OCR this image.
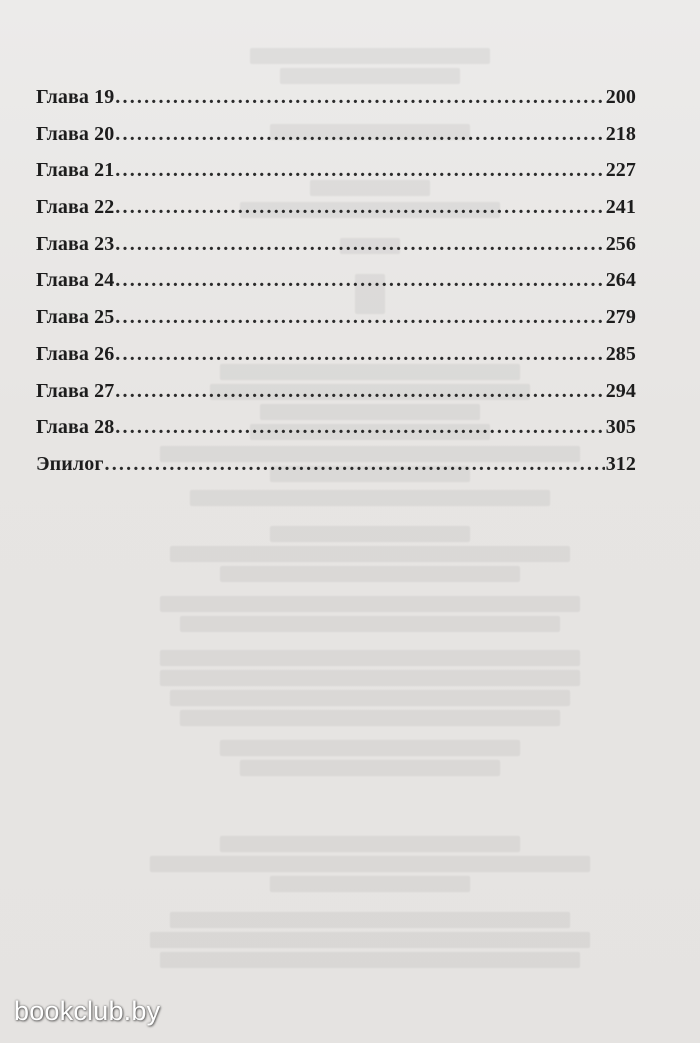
Глава 19 .....	200
Глава 20 .....	218
Глава 21 .....	227
Глава 22 .....	241
Глава 23 .....	256
Глава 24 .....	264
Глава 25 .....	279
Глава 26 .....	285
Глава 27 .....	294
Глава 28 .....	305
Эпилог .....	312
bookclub.by
